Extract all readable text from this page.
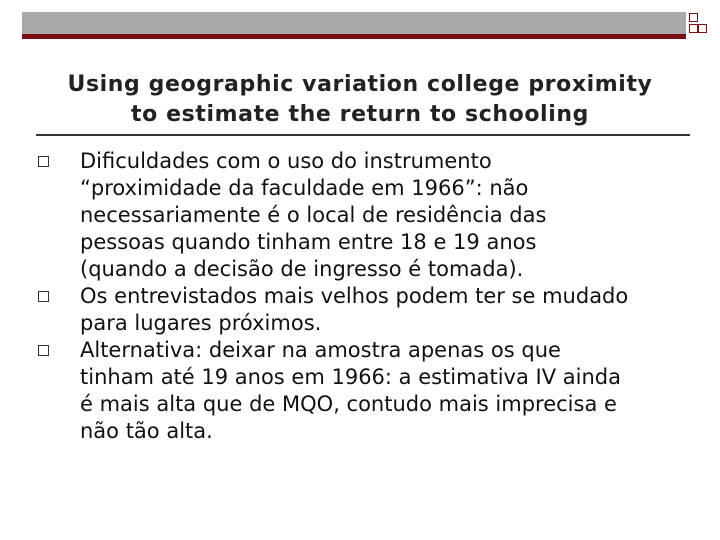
Using geographic variation college proximity
to estimate the return to schooling
Dificuldades com o uso do instrumento
“proximidade da faculdade em 1966”: não
necessariamente é o local de residência das
pessoas quando tinham entre 18 e 19 anos
(quando a decisão de ingresso é tomada).
Os entrevistados mais velhos podem ter se mudado
para lugares próximos.
Alternativa: deixar na amostra apenas os que
tinham até 19 anos em 1966: a estimativa IV ainda
é mais alta que de MQO, contudo mais imprecisa e
não tão alta.
